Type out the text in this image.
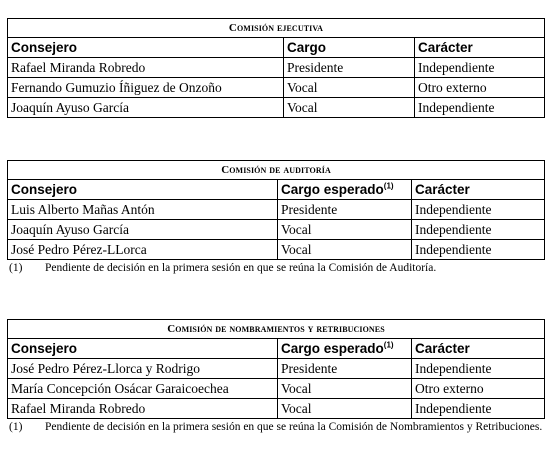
Comisión ejecutiva		
Consejero	Cargo	Carácter
Rafael Miranda Robredo	Presidente	Independiente
Fernando Gumuzio Íñiguez de Onzoño	Vocal	Otro externo
Joaquín Ayuso García	Vocal	Independiente
Comisión de auditoría		
Consejero	Cargo esperado$^{(1)}$	Carácter
Luis Alberto Mañas Antón	Presidente	Independiente
Joaquín Ayuso García	Vocal	Independiente
José Pedro Pérez-LLorca	Vocal	Independiente
(1)	Pendiente de decisión en la primera sesión en que se reúna la Comisión de Auditoría.
Comisión de nombramientos y retribuciones		
Consejero	Cargo esperado$^{(1)}$	Carácter
José Pedro Pérez-Llorca y Rodrigo	Presidente	Independiente
María Concepción Osácar Garaicoechea	Vocal	Otro externo
Rafael Miranda Robredo	Vocal	Independiente
(1)	Pendiente de decisión en la primera sesión en que se reúna la Comisión de Nombramientos y Retribuciones.
